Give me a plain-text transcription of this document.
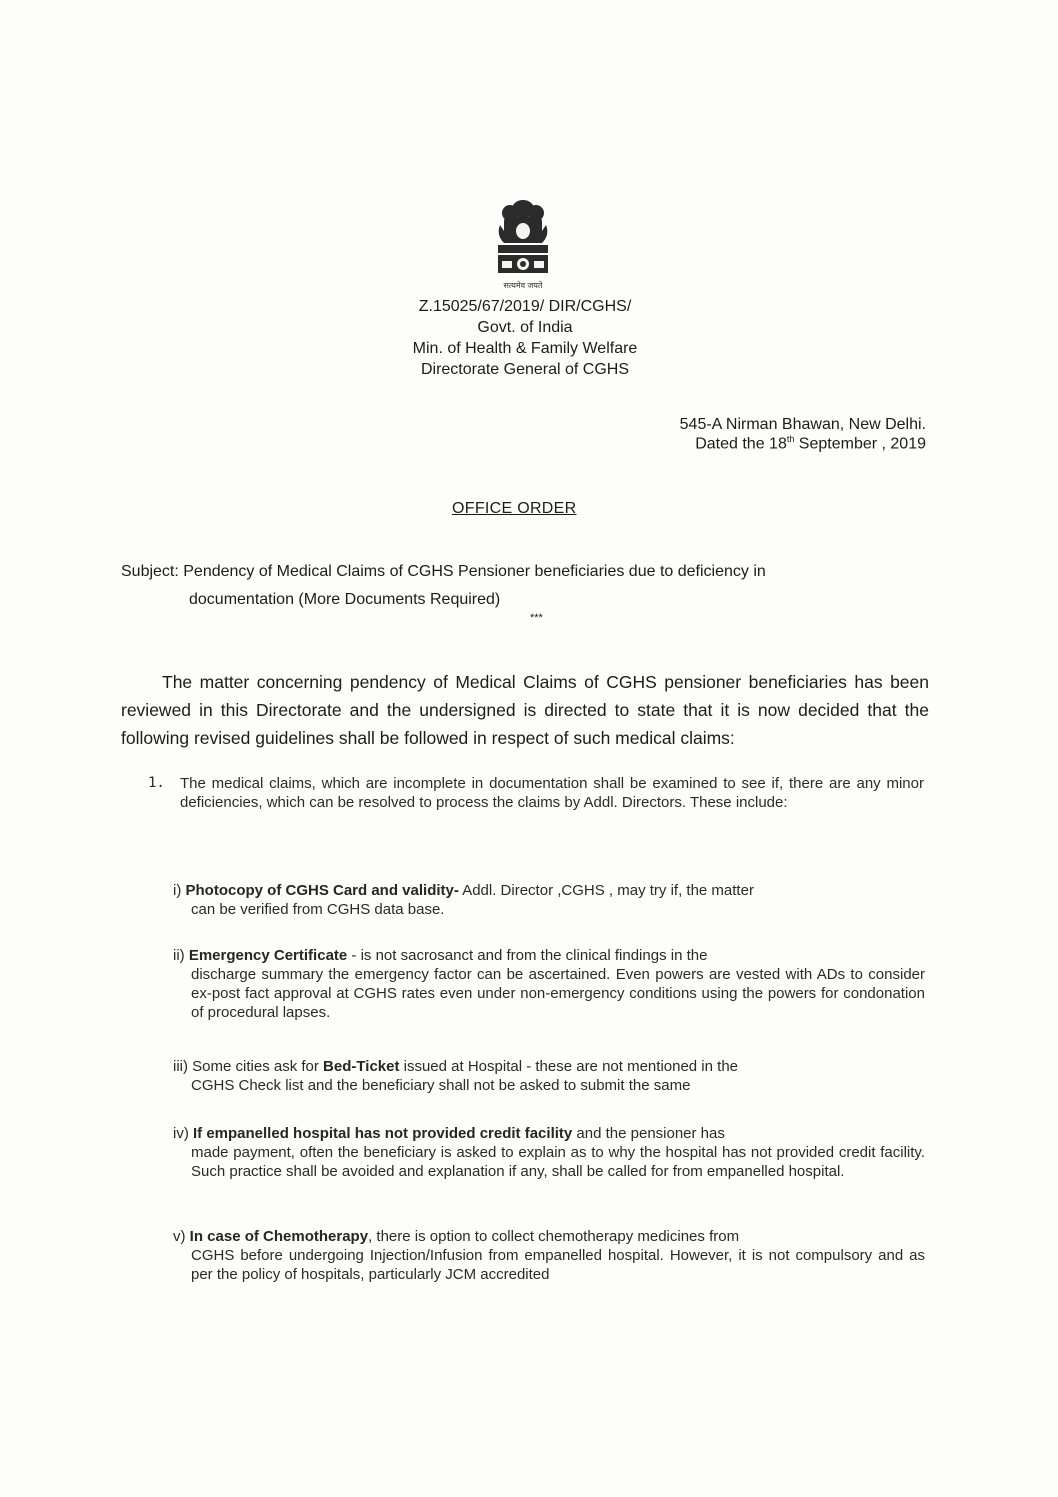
सत्यमेव जयते
Z.15025/67/2019/ DIR/CGHS/
Govt. of India
Min. of Health & Family Welfare
Directorate General of CGHS
545-A Nirman Bhawan, New Delhi.
Dated the 18th September , 2019
OFFICE ORDER
Subject: Pendency of Medical Claims of CGHS Pensioner beneficiaries due to deficiency in
documentation (More Documents Required)
***
The matter concerning pendency of Medical Claims of CGHS pensioner beneficiaries has been reviewed in this Directorate and the undersigned is directed to state that it is now decided that the following revised guidelines shall be followed in respect of such medical claims:
1. The medical claims, which are incomplete in documentation shall be examined to see if, there are any minor deficiencies, which can be resolved to process the claims by Addl. Directors. These include:
i) Photocopy of CGHS Card and validity- Addl. Director ,CGHS , may try if, the matter
can be verified from CGHS data base.
ii) Emergency Certificate - is not sacrosanct and from the clinical findings in the
discharge summary the emergency factor can be ascertained. Even powers are vested with ADs to consider ex-post fact approval at CGHS rates even under non-emergency conditions using the powers for condonation of procedural lapses.
iii) Some cities ask for Bed-Ticket issued at Hospital - these are not mentioned in the
CGHS Check list and the beneficiary shall not be asked to submit the same
iv) If empanelled hospital has not provided credit facility and the pensioner has
made payment, often the beneficiary is asked to explain as to why the hospital has not provided credit facility. Such practice shall be avoided and explanation if any, shall be called for from empanelled hospital.
v) In case of Chemotherapy, there is option to collect chemotherapy medicines from
CGHS before undergoing Injection/Infusion from empanelled hospital. However, it is not compulsory and as per the policy of hospitals, particularly JCM accredited
